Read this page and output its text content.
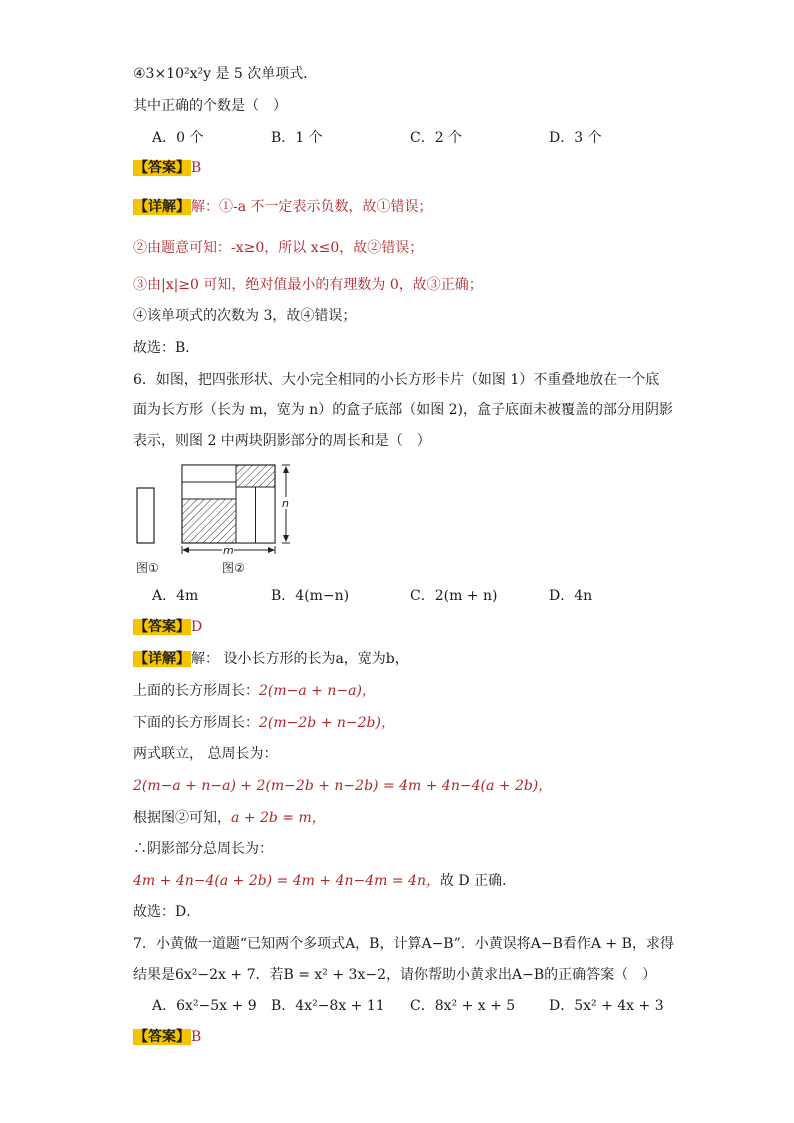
④3×10²x²y 是 5 次单项式．
其中正确的个数是（　）
A．0 个	B．1 个	C．2 个	D．3 个
【答案】B
【详解】解：①-a 不一定表示负数，故①错误；
②由题意可知：-x≥0，所以 x≤0，故②错误；
③由|x|≥0 可知，绝对值最小的有理数为 0，故③正确；
④该单项式的次数为 3，故④错误；
故选：B．
6．如图，把四张形状、大小完全相同的小长方形卡片（如图 1）不重叠地放在一个底
面为长方形（长为 m，宽为 n）的盒子底部（如图 2)，盒子底面未被覆盖的部分用阴影
表示，则图 2 中两块阴影部分的周长和是（　）
图①
n
m
图②
A．4m	B．4(m−n)	C．2(m + n)	D．4n
【答案】D
【详解】解： 设小长方形的长为a，宽为b，
上面的长方形周长：2(m−a + n−a)，
下面的长方形周长：2(m−2b + n−2b)，
两式联立， 总周长为：
2(m−a + n−a) + 2(m−2b + n−2b) = 4m + 4n−4(a + 2b)，
根据图②可知，a + 2b = m，
∴阴影部分总周长为：
4m + 4n−4(a + 2b) = 4m + 4n−4m = 4n，故 D 正确．
故选：D．
7．小黄做一道题“已知两个多项式A，B，计算A−B”．小黄误将A−B看作A + B，求得
结果是6x²−2x + 7．若B = x² + 3x−2，请你帮助小黄求出A−B的正确答案（　）
A．6x²−5x + 9 B．4x²−8x + 11 C．8x² + x + 5 D．5x² + 4x + 3
【答案】B
